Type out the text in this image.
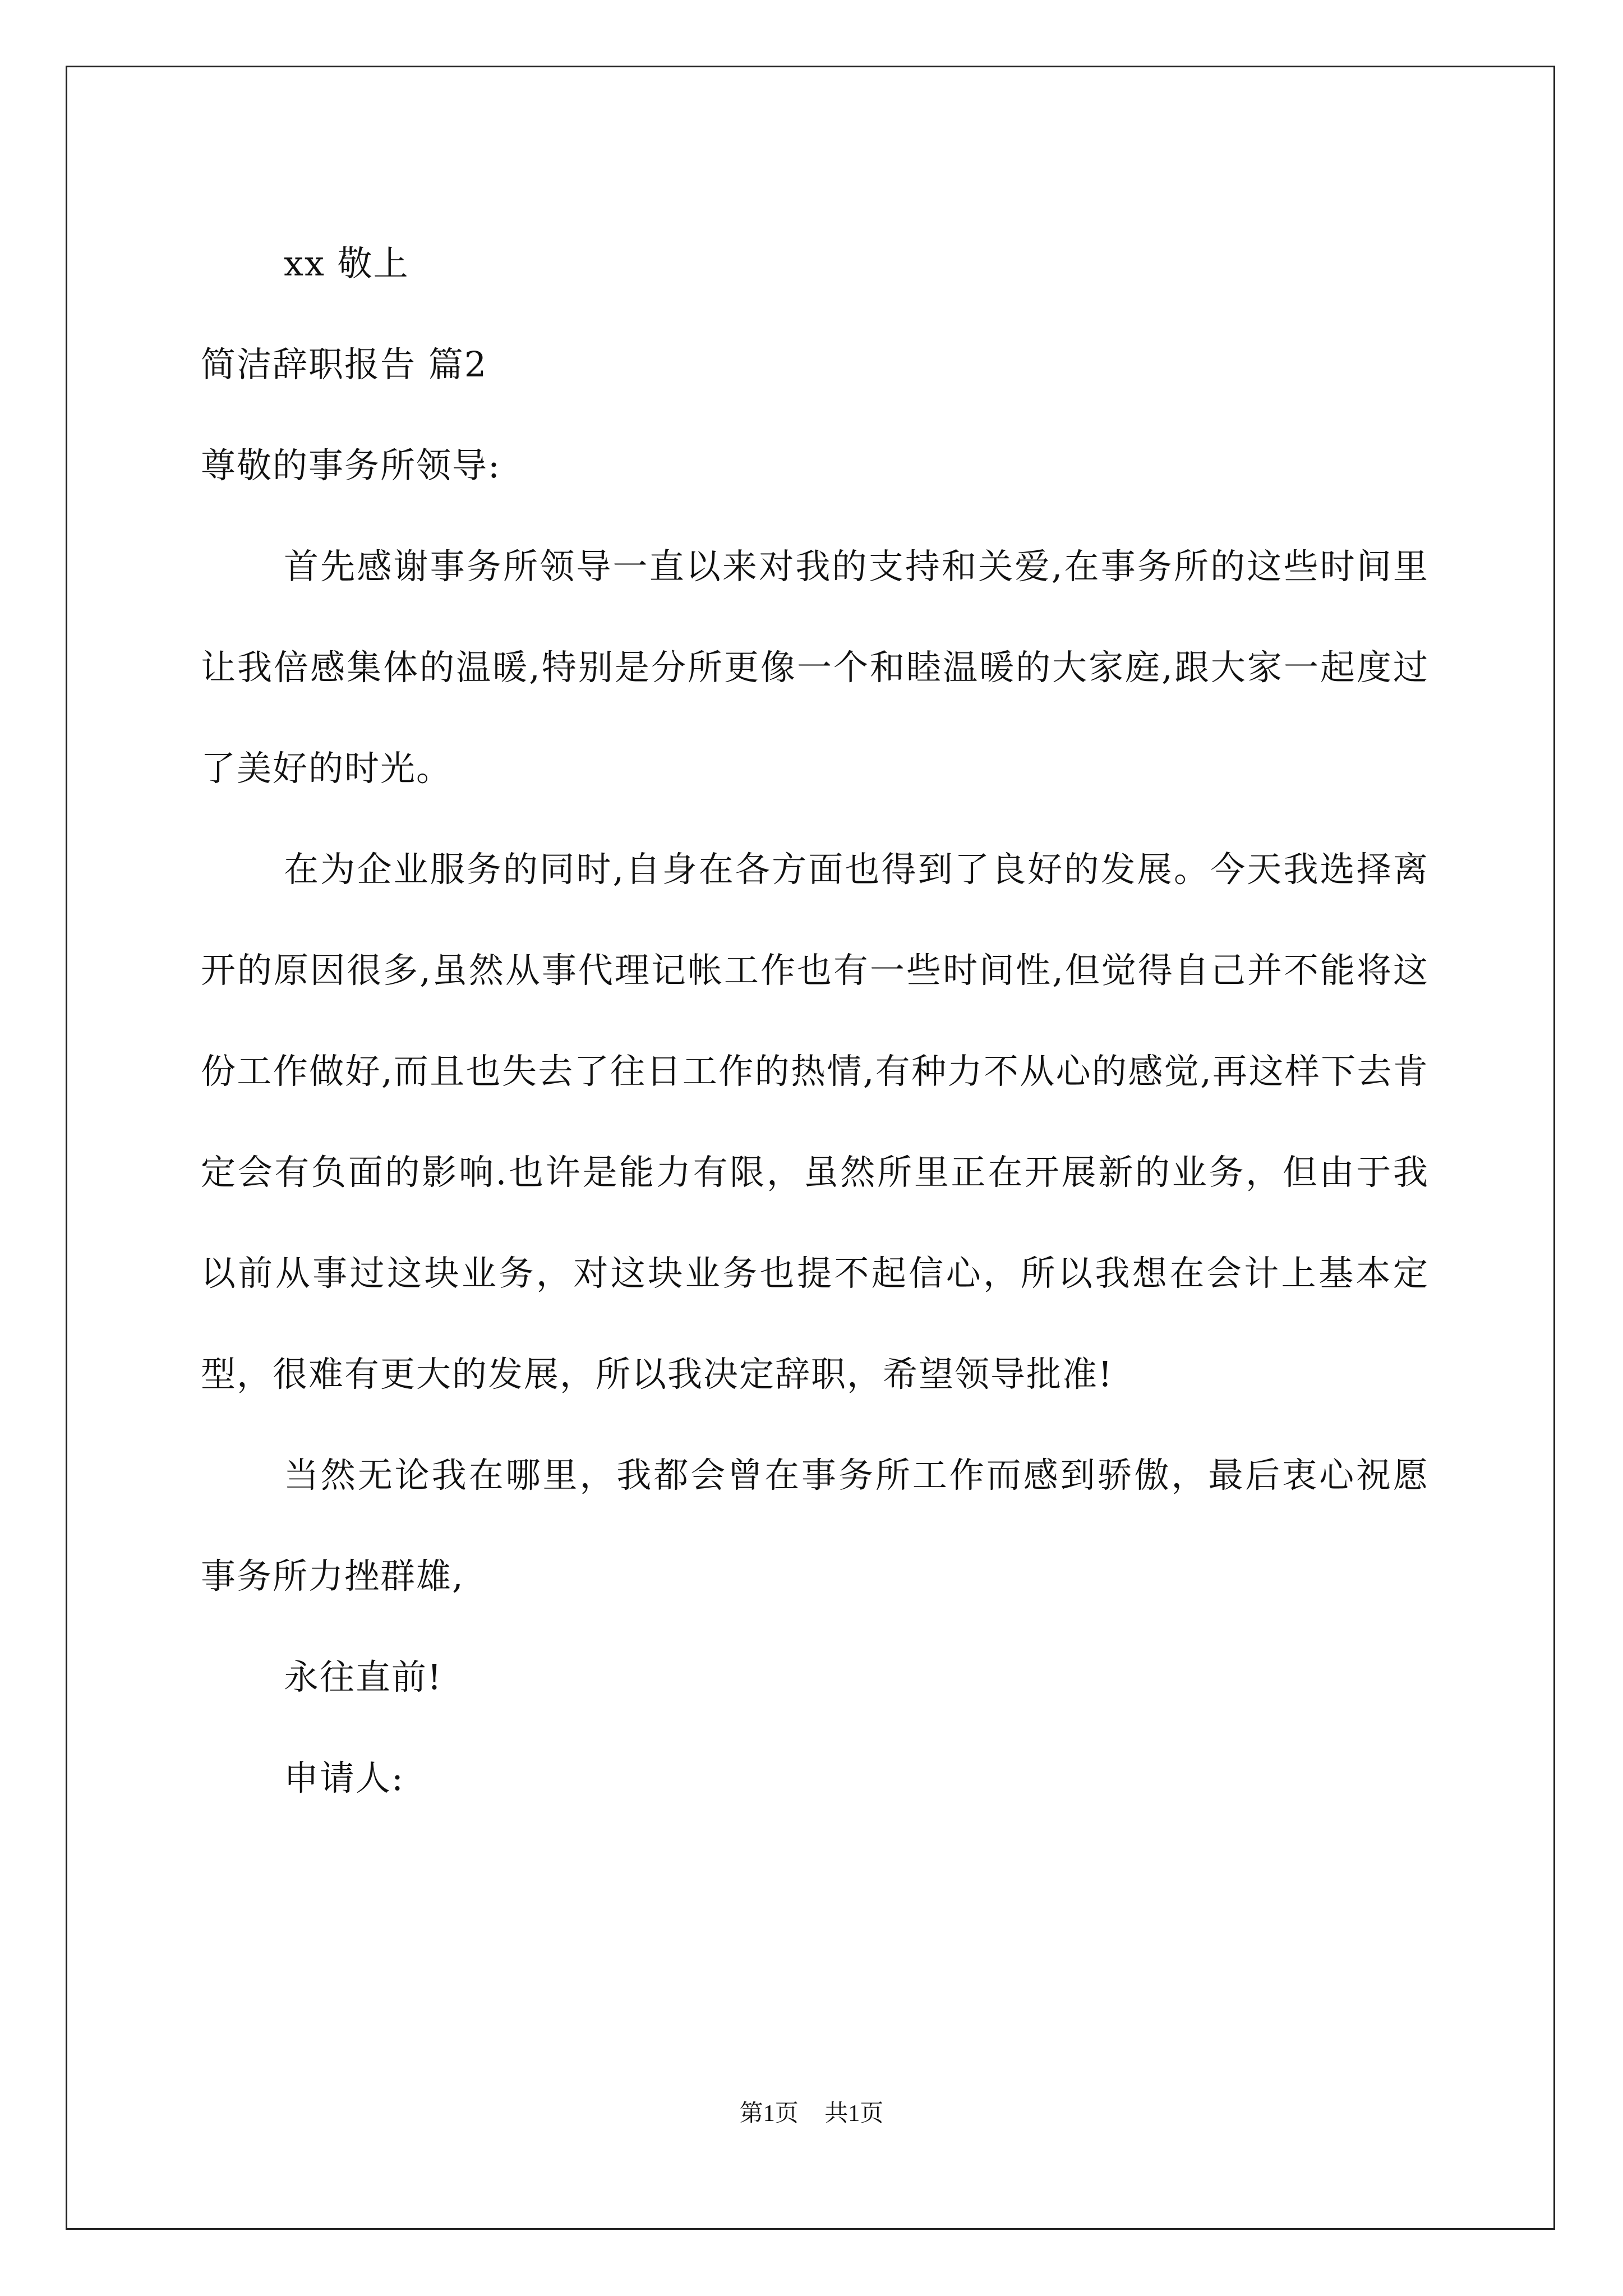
xx 敬上
简洁辞职报告 篇2
尊敬的事务所领导:
首先感谢事务所领导一直以来对我的支持和关爱,在事务所的这些时间里让我倍感集体的温暖,特别是分所更像一个和睦温暖的大家庭,跟大家一起度过了美好的时光。
在为企业服务的同时,自身在各方面也得到了良好的发展。今天我选择离开的原因很多,虽然从事代理记帐工作也有一些时间性,但觉得自己并不能将这份工作做好,而且也失去了往日工作的热情,有种力不从心的感觉,再这样下去肯定会有负面的影响.也许是能力有限，虽然所里正在开展新的业务，但由于我以前从事过这块业务，对这块业务也提不起信心，所以我想在会计上基本定型，很难有更大的发展，所以我决定辞职，希望领导批准!
当然无论我在哪里，我都会曾在事务所工作而感到骄傲，最后衷心祝愿事务所力挫群雄,
永往直前!
申请人:
第1页 共1页
